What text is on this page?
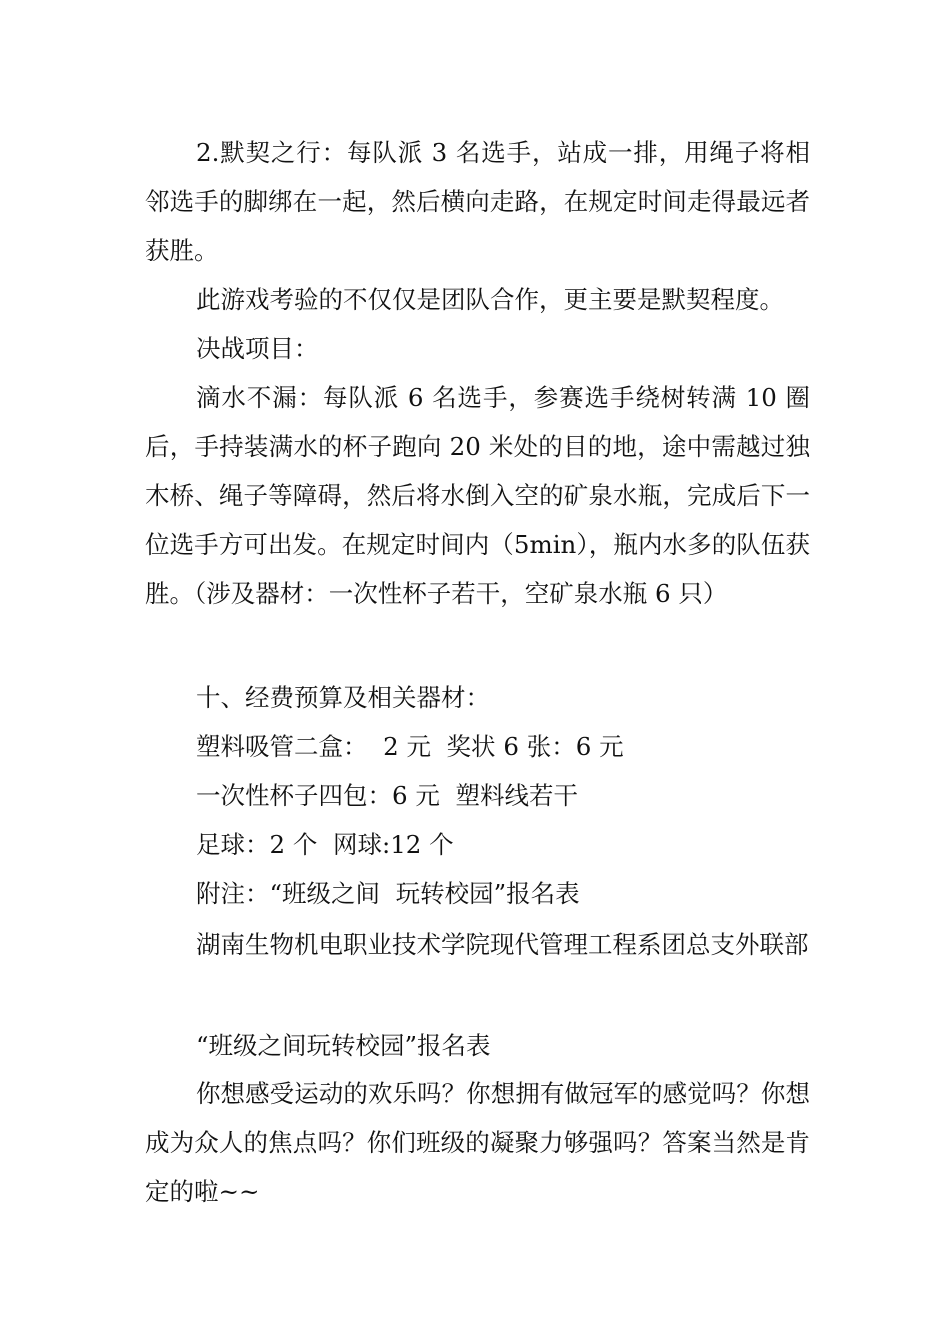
2.默契之行：每队派 3 名选手，站成一排，用绳子将相邻选手的脚绑在一起，然后横向走路，在规定时间走得最远者获胜。

此游戏考验的不仅仅是团队合作，更主要是默契程度。

决战项目：

滴水不漏：每队派 6 名选手，参赛选手绕树转满 10 圈后，手持装满水的杯子跑向 20 米处的目的地，途中需越过独木桥、绳子等障碍，然后将水倒入空的矿泉水瓶，完成后下一位选手方可出发。在规定时间内（5min），瓶内水多的队伍获胜。（涉及器材：一次性杯子若干，空矿泉水瓶 6 只）

十、经费预算及相关器材：

塑料吸管二盒：  2 元  奖状 6 张：6 元
一次性杯子四包：6 元  塑料线若干
足球：2 个  网球:12 个
附注：“班级之间  玩转校园”报名表

湖南生物机电职业技术学院现代管理工程系团总支外联部

“班级之间玩转校园”报名表

你想感受运动的欢乐吗？你想拥有做冠军的感觉吗？你想成为众人的焦点吗？你们班级的凝聚力够强吗？答案当然是肯定的啦~~
